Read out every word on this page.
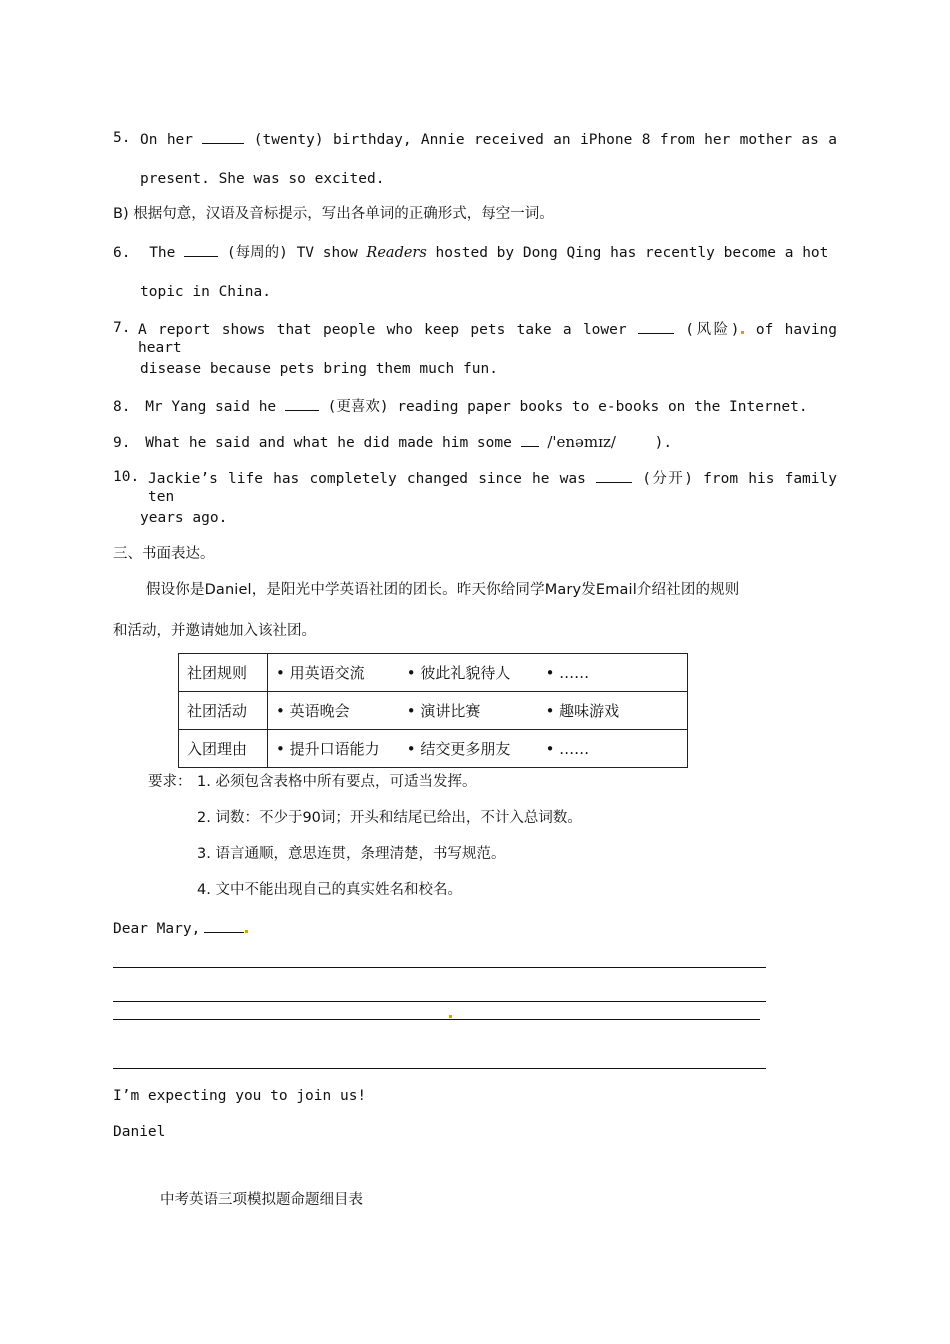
5. On her	(twenty) birthday, Annie received an iPhone 8 from her mother as a
present. She was so excited.
B) 根据句意，汉语及音标提示，写出各单词的正确形式，每空一词。
6. The	(每周的) TV show Readers hosted by Dong Qing has recently become a hot
topic in China.
7. A report shows that people who keep pets take a lower	(风险) of having heart
disease because pets bring them much fun.
8. Mr Yang said he	(更喜欢) reading paper books to e-books on the Internet.
9. What he said and what he did made him some /'enəmɪz/	).
10. Jackie’s life has completely changed since he was	(分开) from his family ten
years ago.
三、书面表达。
假设你是Daniel，是阳光中学英语社团的团长。昨天你给同学Mary发Email介绍社团的规则
和活动，并邀请她加入该社团。
社团规则	• 用英语交流 • 彼此礼貌待人 • ……
社团活动	• 英语晚会 • 演讲比赛 • 趣味游戏
入团理由	• 提升口语能力 • 结交更多朋友 • ……
要求： 1. 必须包含表格中所有要点，可适当发挥。
2. 词数：不少于90词；开头和结尾已给出，不计入总词数。
3. 语言通顺，意思连贯，条理清楚，书写规范。
4. 文中不能出现自己的真实姓名和校名。
Dear Mary,
I’m expecting you to join us!
Daniel
中考英语三项模拟题命题细目表
